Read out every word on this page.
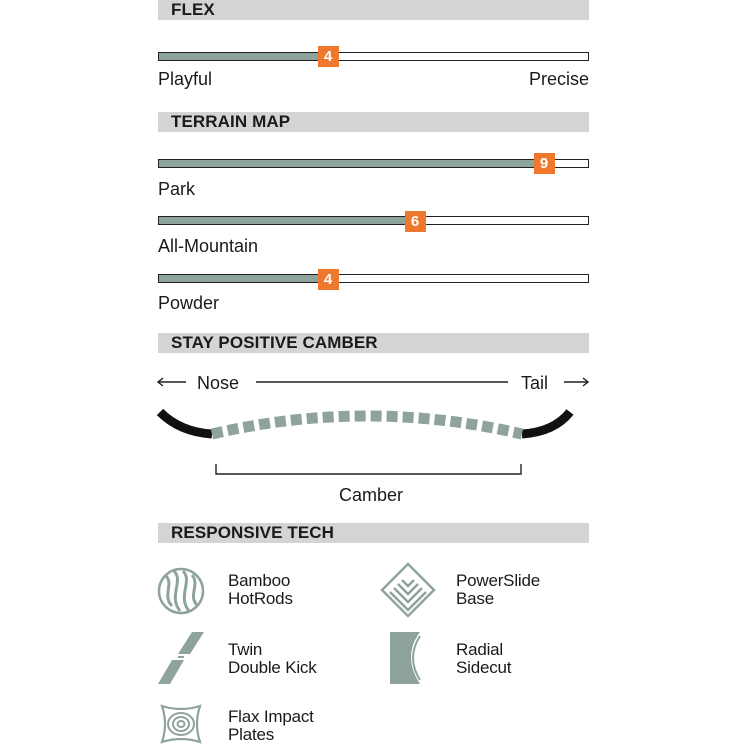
FLEX
4
Playful	Precise
TERRAIN MAP
9
Park
6
All-Mountain
4
Powder
STAY POSITIVE CAMBER
Nose	Tail
Camber
RESPONSIVE TECH
Bamboo
HotRods
PowerSlide
Base
Twin
Double Kick
Radial
Sidecut
Flax Impact
Plates
